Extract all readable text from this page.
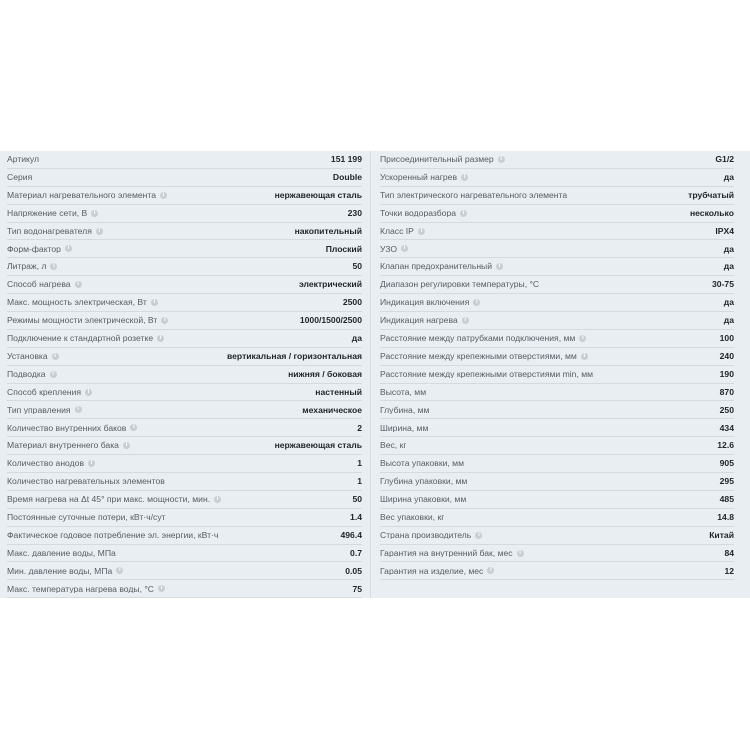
Артикул	151 199
Серия	Double
Материал нагревательного элемента	i	нержавеющая сталь
Напряжение сети, В	i	230
Тип водонагревателя	i	накопительный
Форм-фактор	i	Плоский
Литраж, л	i	50
Способ нагрева	i	электрический
Макс. мощность электрическая, Вт	i	2500
Режимы мощности электрической, Вт	i	1000/1500/2500
Подключение к стандартной розетке	i	да
Установка	i	вертикальная / горизонтальная
Подводка	i	нижняя / боковая
Способ крепления	i	настенный
Тип управления	i	механическое
Количество внутренних баков	i	2
Материал внутреннего бака	i	нержавеющая сталь
Количество анодов	i	1
Количество нагревательных элементов	1
Время нагрева на Δt 45° при макс. мощности, мин.	i	50
Постоянные суточные потери, кВт·ч/сут	1.4
Фактическое годовое потребление эл. энергии, кВт·ч	496.4
Макс. давление воды, МПа	0.7
Мин. давление воды, МПа	i	0.05
Макс. температура нагрева воды, °С	i	75
Присоединительный размер	i	G1/2
Ускоренный нагрев	i	да
Тип электрического нагревательного элемента	трубчатый
Точки водоразбора	i	несколько
Класс IP	i	IPX4
УЗО	i	да
Клапан предохранительный	i	да
Диапазон регулировки температуры, °С	30-75
Индикация включения	i	да
Индикация нагрева	i	да
Расстояние между патрубками подключения, мм	i	100
Расстояние между крепежными отверстиями, мм	i	240
Расстояние между крепежными отверстиями min, мм	190
Высота, мм	870
Глубина, мм	250
Ширина, мм	434
Вес, кг	12.6
Высота упаковки, мм	905
Глубина упаковки, мм	295
Ширина упаковки, мм	485
Вес упаковки, кг	14.8
Страна производитель	i	Китай
Гарантия на внутренний бак, мес	i	84
Гарантия на изделие, мес	i	12
